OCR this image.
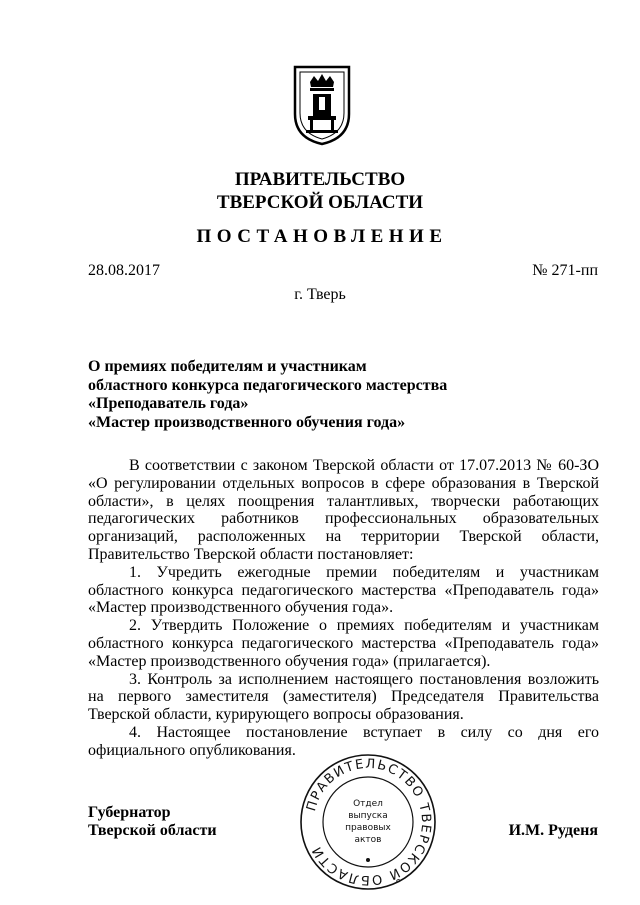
ПРАВИТЕЛЬСТВО
ТВЕРСКОЙ ОБЛАСТИ
ПОСТАНОВЛЕНИЕ
28.08.2017	№ 271-пп
г. Тверь
О премиях победителям и участникам
областного конкурса педагогического мастерства
«Преподаватель года»
«Мастер производственного обучения года»

В соответствии с законом Тверской области от 17.07.2013 № 60-ЗО «О регулировании отдельных вопросов в сфере образования в Тверской области», в целях поощрения талантливых, творчески работающих педагогических работников профессиональных образовательных организаций, расположенных на территории Тверской области, Правительство Тверской области постановляет:

1. Учредить ежегодные премии победителям и участникам областного конкурса педагогического мастерства «Преподаватель года» «Мастер производственного обучения года».

2. Утвердить Положение о премиях победителям и участникам областного конкурса педагогического мастерства «Преподаватель года» «Мастер производственного обучения года» (прилагается).

3. Контроль за исполнением настоящего постановления возложить на первого заместителя (заместителя) Председателя Правительства Тверской области, курирующего вопросы образования.

4. Настоящее постановление вступает в силу со дня его официального опубликования.

Губернатор
Тверской области	И.М. Руденя
ПРАВИТЕЛЬСТВО ТВЕРСКОЙ ОБЛАСТИ
Отдел
выпуска
правовых
актов
